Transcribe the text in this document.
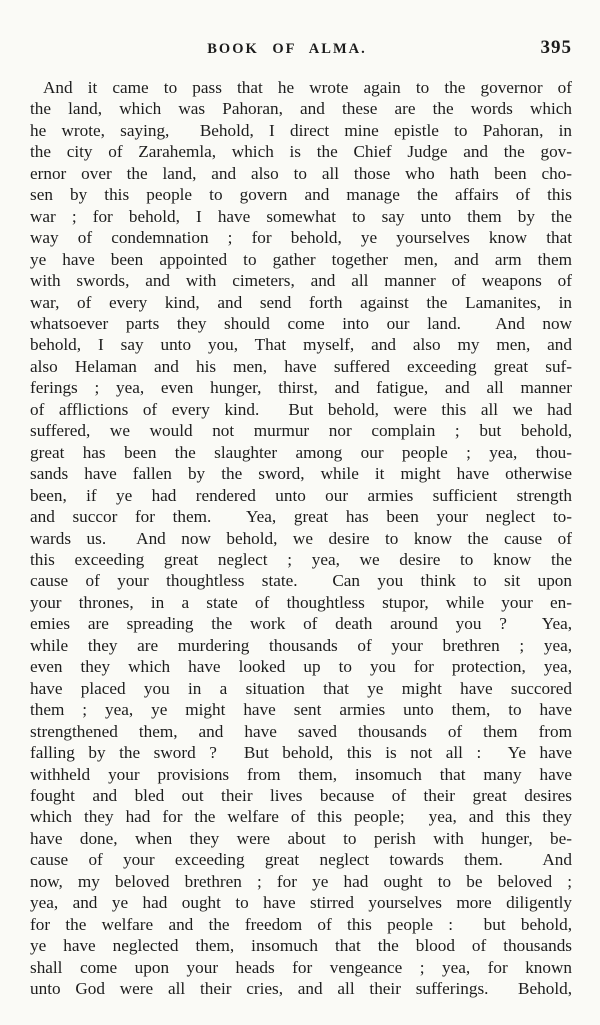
BOOK OF ALMA.	395
And it came to pass that he wrote again to the governor of
the land, which was Pahoran, and these are the words which
he wrote, saying,  Behold, I direct mine epistle to Pahoran, in
the city of Zarahemla, which is the Chief Judge and the gov-
ernor over the land, and also to all those who hath been cho-
sen by this people to govern and manage the affairs of this
war ; for behold, I have somewhat to say unto them by the
way of condemnation ; for behold, ye yourselves know that
ye have been appointed to gather together men, and arm them
with swords, and with cimeters, and all manner of weapons of
war, of every kind, and send forth against the Lamanites, in
whatsoever parts they should come into our land.  And now
behold, I say unto you, That myself, and also my men, and
also Helaman and his men, have suffered exceeding great suf-
ferings ; yea, even hunger, thirst, and fatigue, and all manner
of afflictions of every kind.  But behold, were this all we had
suffered, we would not murmur nor complain ; but behold,
great has been the slaughter among our people ; yea, thou-
sands have fallen by the sword, while it might have otherwise
been, if ye had rendered unto our armies sufficient strength
and succor for them.  Yea, great has been your neglect to-
wards us.  And now behold, we desire to know the cause of
this exceeding great neglect ; yea, we desire to know the
cause of your thoughtless state.  Can you think to sit upon
your thrones, in a state of thoughtless stupor, while your en-
emies are spreading the work of death around you ?  Yea,
while they are murdering thousands of your brethren ; yea,
even they which have looked up to you for protection, yea,
have placed you in a situation that ye might have succored
them ; yea, ye might have sent armies unto them, to have
strengthened them, and have saved thousands of them from
falling by the sword ?  But behold, this is not all :  Ye have
withheld your provisions from them, insomuch that many have
fought and bled out their lives because of their great desires
which they had for the welfare of this people;  yea, and this they
have done, when they were about to perish with hunger, be-
cause of your exceeding great neglect towards them.  And
now, my beloved brethren ; for ye had ought to be beloved ;
yea, and ye had ought to have stirred yourselves more diligently
for the welfare and the freedom of this people :  but behold,
ye have neglected them, insomuch that the blood of thousands
shall come upon your heads for vengeance ; yea, for known
unto God were all their cries, and all their sufferings.  Behold,
